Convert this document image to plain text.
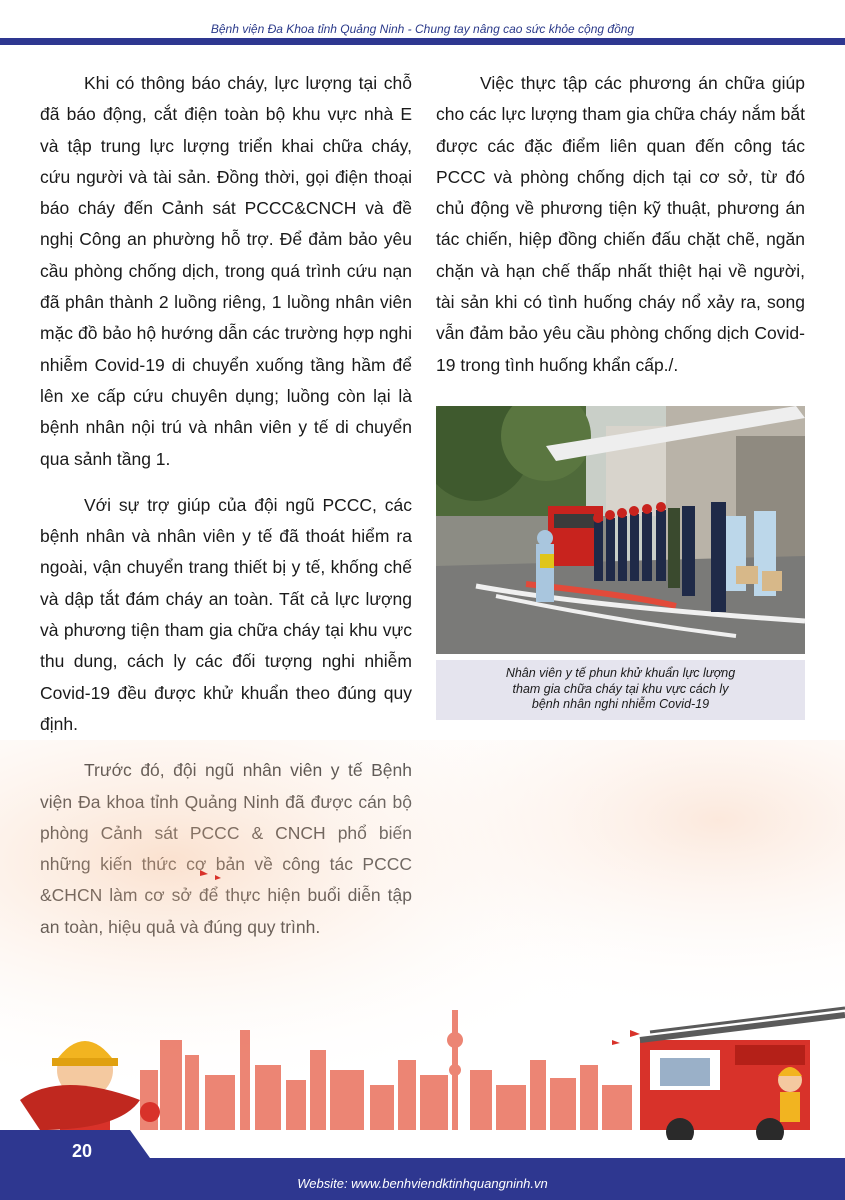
Bệnh viện Đa Khoa tỉnh Quảng Ninh - Chung tay nâng cao sức khỏe cộng đồng

Khi có thông báo cháy, lực lượng tại chỗ đã báo động, cắt điện toàn bộ khu vực nhà E và tập trung lực lượng triển khai chữa cháy, cứu người và tài sản. Đồng thời, gọi điện thoại báo cháy đến Cảnh sát PCCC&CNCH và đề nghị Công an phường hỗ trợ. Để đảm bảo yêu cầu phòng chống dịch, trong quá trình cứu nạn đã phân thành 2 luồng riêng, 1 luồng nhân viên mặc đồ bảo hộ hướng dẫn các trường hợp nghi nhiễm Covid-19 di chuyển xuống tầng hầm để lên xe cấp cứu chuyên dụng; luồng còn lại là bệnh nhân nội trú và nhân viên y tế di chuyển qua sảnh tầng 1.

Với sự trợ giúp của đội ngũ PCCC, các bệnh nhân và nhân viên y tế đã thoát hiểm ra ngoài, vận chuyển trang thiết bị y tế, khống chế và dập tắt đám cháy an toàn. Tất cả lực lượng và phương tiện tham gia chữa cháy tại khu vực thu dung, cách ly các đối tượng nghi nhiễm Covid-19 đều được khử khuẩn theo đúng quy định.

Việc thực tập các phương án chữa giúp cho các lực lượng tham gia chữa cháy nắm bắt được các đặc điểm liên quan đến công tác PCCC và phòng chống dịch tại cơ sở, từ đó chủ động về phương tiện kỹ thuật, phương án tác chiến, hiệp đồng chiến đấu chặt chẽ, ngăn chặn và hạn chế thấp nhất thiệt hại về người, tài sản khi có tình huống cháy nổ xảy ra, song vẫn đảm bảo yêu cầu phòng chống dịch Covid-19 trong tình huống khẩn cấp./.

Nhân viên y tế phun khử khuẩn lực lượng
tham gia chữa cháy tại khu vực cách ly
bệnh nhân nghi nhiễm Covid-19
20
Website: www.benhviendktinhquangninh.vn
